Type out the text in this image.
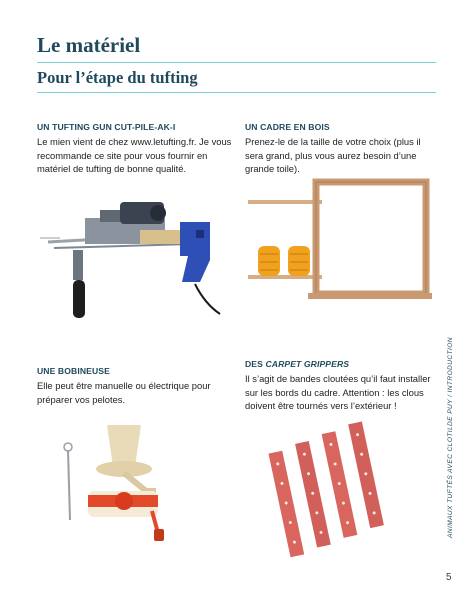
Le matériel
Pour l’étape du tufting
UN TUFTING GUN CUT-PILE-AK-I

Le mien vient de chez www.letufting.fr. Je vous recommande ce site pour vous fournir en matériel de tufting de bonne qualité.

UN CADRE EN BOIS

Prenez-le de la taille de votre choix (plus il sera grand, plus vous aurez besoin d’une grande toile).

UNE BOBINEUSE

Elle peut être manuelle ou électrique pour préparer vos pelotes.

DES CARPET GRIPPERS

Il s’agit de bandes cloutées qu’il faut installer sur les bords du cadre. Attention : les clous doivent être tournés vers l’extérieur !	ANIMAUX TUFTÉS AVEC CLOTILDE PUY / INTRODUCTION
5
